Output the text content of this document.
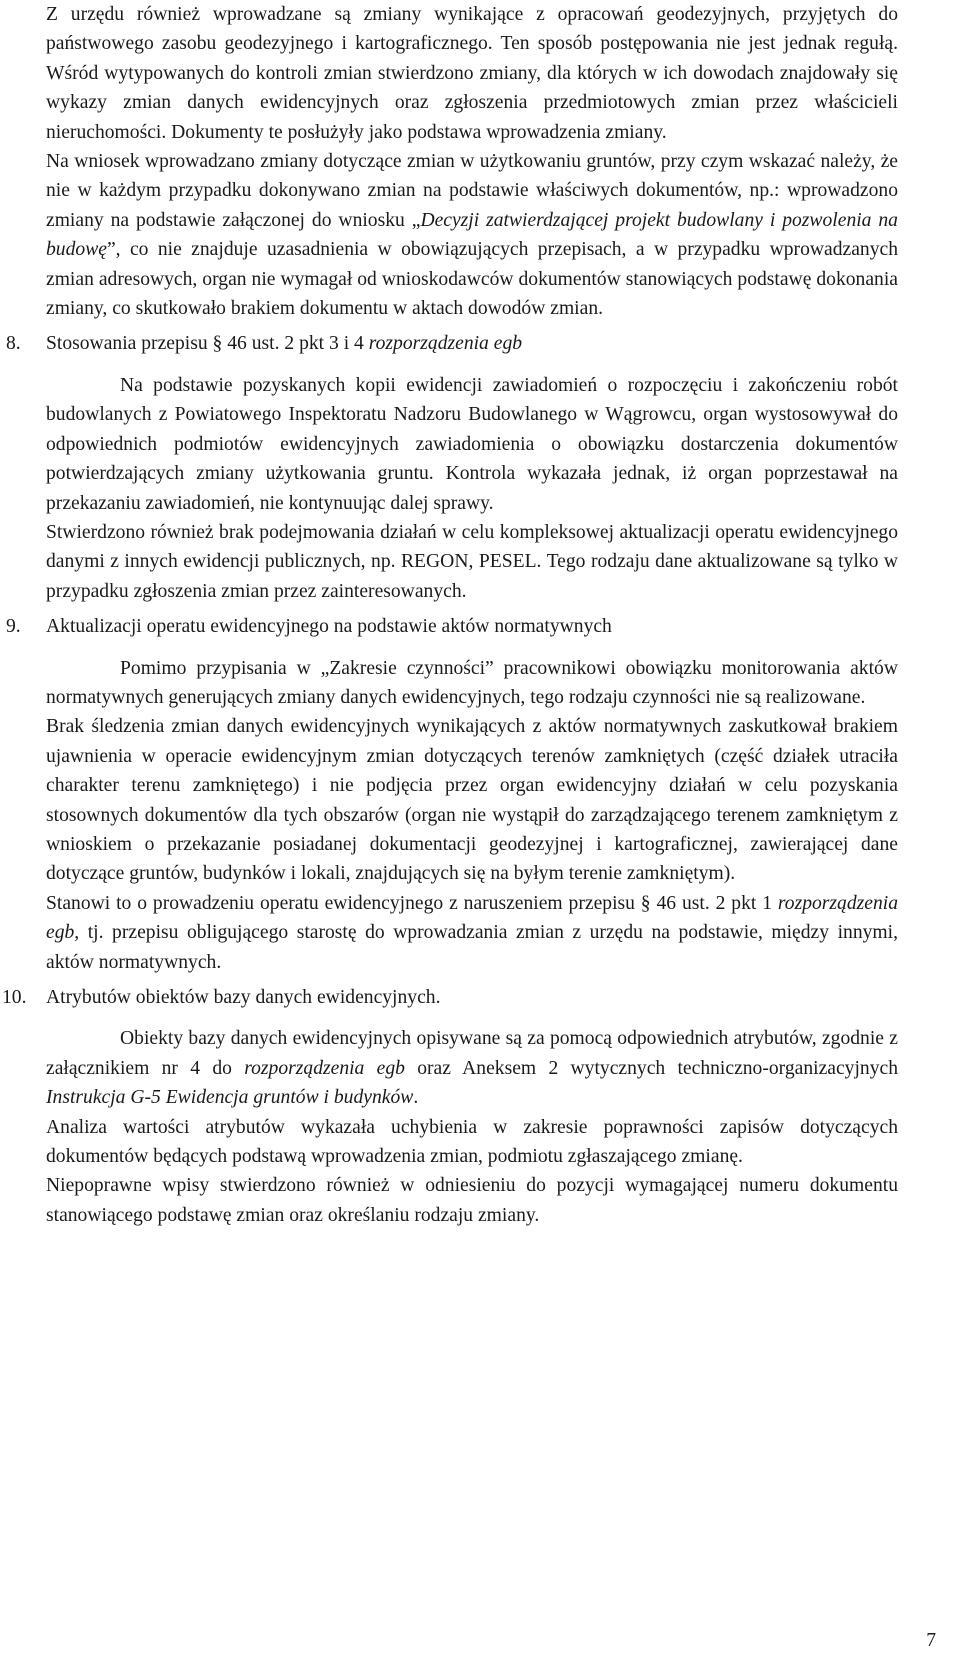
Z urzędu również wprowadzane są zmiany wynikające z opracowań geodezyjnych, przyjętych do państwowego zasobu geodezyjnego i kartograficznego. Ten sposób postępowania nie jest jednak regułą. Wśród wytypowanych do kontroli zmian stwierdzono zmiany, dla których w ich dowodach znajdowały się wykazy zmian danych ewidencyjnych oraz zgłoszenia przedmiotowych zmian przez właścicieli nieruchomości. Dokumenty te posłużyły jako podstawa wprowadzenia zmiany.

Na wniosek wprowadzano zmiany dotyczące zmian w użytkowaniu gruntów, przy czym wskazać należy, że nie w każdym przypadku dokonywano zmian na podstawie właściwych dokumentów, np.: wprowadzono zmiany na podstawie załączonej do wniosku „Decyzji zatwierdzającej projekt budowlany i pozwolenia na budowę”, co nie znajduje uzasadnienia w obowiązujących przepisach, a w przypadku wprowadzanych zmian adresowych, organ nie wymagał od wnioskodawców dokumentów stanowiących podstawę dokonania zmiany, co skutkowało brakiem dokumentu w aktach dowodów zmian.

8.	Stosowania przepisu § 46 ust. 2 pkt 3 i 4 rozporządzenia egb

Na podstawie pozyskanych kopii ewidencji zawiadomień o rozpoczęciu i zakończeniu robót budowlanych z Powiatowego Inspektoratu Nadzoru Budowlanego w Wągrowcu, organ wystosowywał do odpowiednich podmiotów ewidencyjnych zawiadomienia o obowiązku dostarczenia dokumentów potwierdzających zmiany użytkowania gruntu. Kontrola wykazała jednak, iż organ poprzestawał na przekazaniu zawiadomień, nie kontynuując dalej sprawy.

Stwierdzono również brak podejmowania działań w celu kompleksowej aktualizacji operatu ewidencyjnego danymi z innych ewidencji publicznych, np. REGON, PESEL. Tego rodzaju dane aktualizowane są tylko w przypadku zgłoszenia zmian przez zainteresowanych.

9.	Aktualizacji operatu ewidencyjnego na podstawie aktów normatywnych

Pomimo przypisania w „Zakresie czynności” pracownikowi obowiązku monitorowania aktów normatywnych generujących zmiany danych ewidencyjnych, tego rodzaju czynności nie są realizowane.

Brak śledzenia zmian danych ewidencyjnych wynikających z aktów normatywnych zaskutkował brakiem ujawnienia w operacie ewidencyjnym zmian dotyczących terenów zamkniętych (część działek utraciła charakter terenu zamkniętego) i nie podjęcia przez organ ewidencyjny działań w celu pozyskania stosownych dokumentów dla tych obszarów (organ nie wystąpił do zarządzającego terenem zamkniętym z wnioskiem o przekazanie posiadanej dokumentacji geodezyjnej i kartograficznej, zawierającej dane dotyczące gruntów, budynków i lokali, znajdujących się na byłym terenie zamkniętym).

Stanowi to o prowadzeniu operatu ewidencyjnego z naruszeniem przepisu § 46 ust. 2 pkt 1 rozporządzenia egb, tj. przepisu obligującego starostę do wprowadzania zmian z urzędu na podstawie, między innymi, aktów normatywnych.

10. Atrybutów obiektów bazy danych ewidencyjnych.

Obiekty bazy danych ewidencyjnych opisywane są za pomocą odpowiednich atrybutów, zgodnie z załącznikiem nr 4 do rozporządzenia egb oraz Aneksem 2 wytycznych techniczno-organizacyjnych Instrukcja G-5 Ewidencja gruntów i budynków.

Analiza wartości atrybutów wykazała uchybienia w zakresie poprawności zapisów dotyczących dokumentów będących podstawą wprowadzenia zmian, podmiotu zgłaszającego zmianę.

Niepoprawne wpisy stwierdzono również w odniesieniu do pozycji wymagającej numeru dokumentu stanowiącego podstawę zmian oraz określaniu rodzaju zmiany.

7
